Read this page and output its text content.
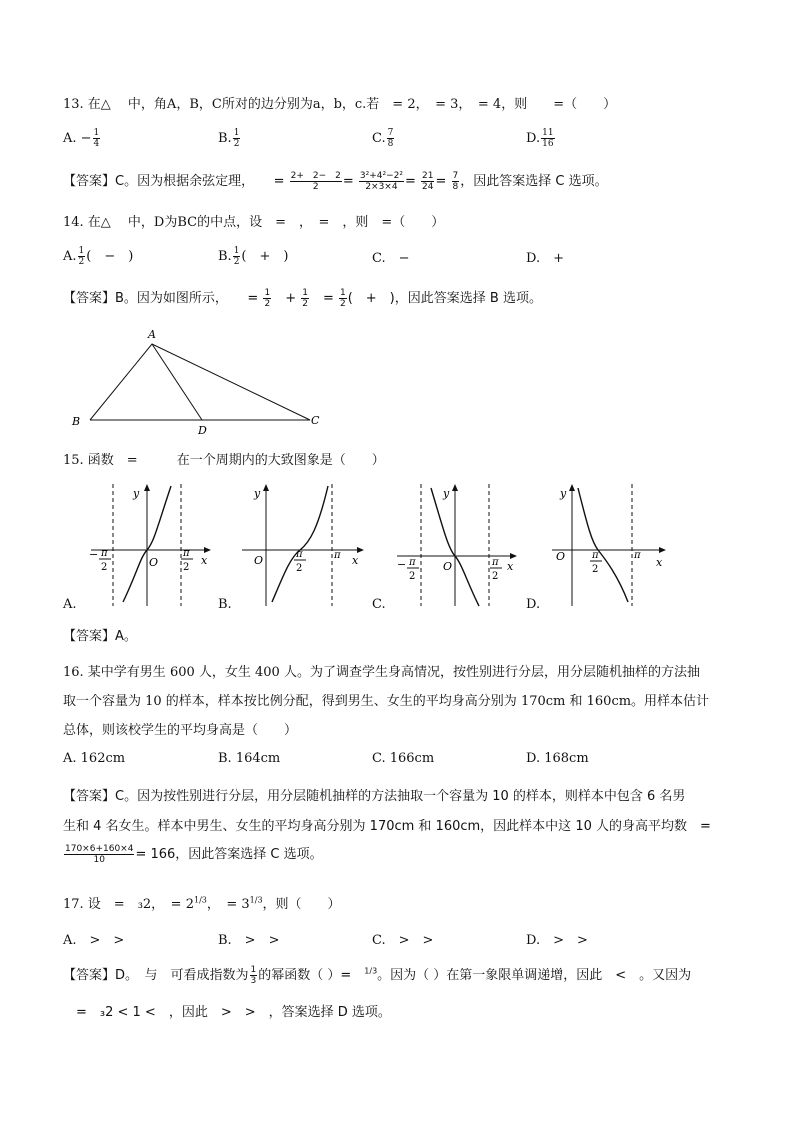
13. 在△　 中，角A，B，C所对的边分别为a，b，c.若　= 2，　= 3，　= 4，则　　=（　　）
A. − $\frac{1}{4}$	B. $\frac{1}{2}$	C. $\frac{7}{8}$	D. $\frac{11}{16}$
【答案】C。因为根据余弦定理，　　= $\frac{2+ 2- 2}{2} = \frac{\text{3²+4²−2²}}{2\times 3\times 4} = \frac{21}{24} = \frac{7}{8}$ ，因此答案选择 C 选项。
14. 在△　 中，D为BC的中点，设　=　，　=　，则　=（　　）
A. $\frac{1}{2}$ (　−　)	B. $\frac{1}{2}$ (　+　)	C.　−	D.　+
【答案】B。因为如图所示，　　= $\frac{1}{2}$ 　+ $\frac{1}{2}$ 　= $\frac{1}{2}$ (　+　)，因此答案选择 B 选项。
A
B	C
D
15. 函数　=　　　在一个周期内的大致图象是（　　）
y
x
O
− π
2
π
2
A.
y
x
O	π
2
π
B.
y
x
O
− π
2
π
2
C.
y
x
O	π
2
π
D.
【答案】A。
16. 某中学有男生 600 人，女生 400 人。为了调查学生身高情况，按性别进行分层，用分层随机抽样的方法抽
取一个容量为 10 的样本，样本按比例分配，得到男生、女生的平均身高分别为 170cm 和 160cm。用样本估计
总体，则该校学生的平均身高是（　　）
A. 162cm	B. 164cm	C. 166cm	D. 168cm
【答案】C。因为按性别进行分层，用分层随机抽样的方法抽取一个容量为 10 的样本，则样本中包含 6 名男
生和 4 名女生。样本中男生、女生的平均身高分别为 170cm 和 160cm，因此样本中这 10 人的身高平均数　=
$\frac{170\times 6+160\times 4}{10} = 166$，因此答案选择 C 选项。
17. 设　=　₃2，　= $2^{1/3}$，　= $3^{1/3}$，则（　　）
A.　>　>	B.　>　>	C.　>　>	D.　>　>
【答案】D。　与　可看成指数为 $\frac{1}{3}$ 的幂函数（ ）=　$^{1/3}$。因为（ ）在第一象限单调递增，因此　<　。又因为
　=　₃2 < 1 <　，因此　>　>　，答案选择 D 选项。
